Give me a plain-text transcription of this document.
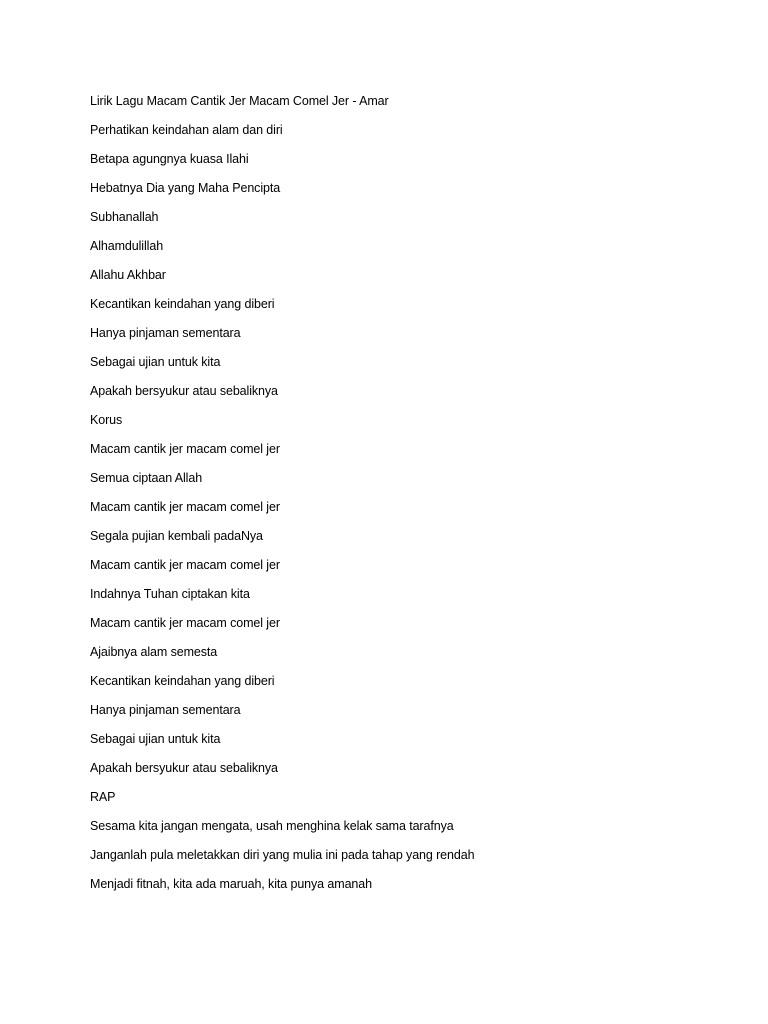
Lirik Lagu Macam Cantik Jer Macam Comel Jer - Amar
Perhatikan keindahan alam dan diri
Betapa agungnya kuasa Ilahi
Hebatnya Dia yang Maha Pencipta
Subhanallah
Alhamdulillah
Allahu Akhbar
Kecantikan keindahan yang diberi
Hanya pinjaman sementara
Sebagai ujian untuk kita
Apakah bersyukur atau sebaliknya
Korus
Macam cantik jer macam comel jer
Semua ciptaan Allah
Macam cantik jer macam comel jer
Segala pujian kembali padaNya
Macam cantik jer macam comel jer
Indahnya Tuhan ciptakan kita
Macam cantik jer macam comel jer
Ajaibnya alam semesta
Kecantikan keindahan yang diberi
Hanya pinjaman sementara
Sebagai ujian untuk kita
Apakah bersyukur atau sebaliknya
RAP
Sesama kita jangan mengata, usah menghina kelak sama tarafnya
Janganlah pula meletakkan diri yang mulia ini pada tahap yang rendah
Menjadi fitnah, kita ada maruah, kita punya amanah
